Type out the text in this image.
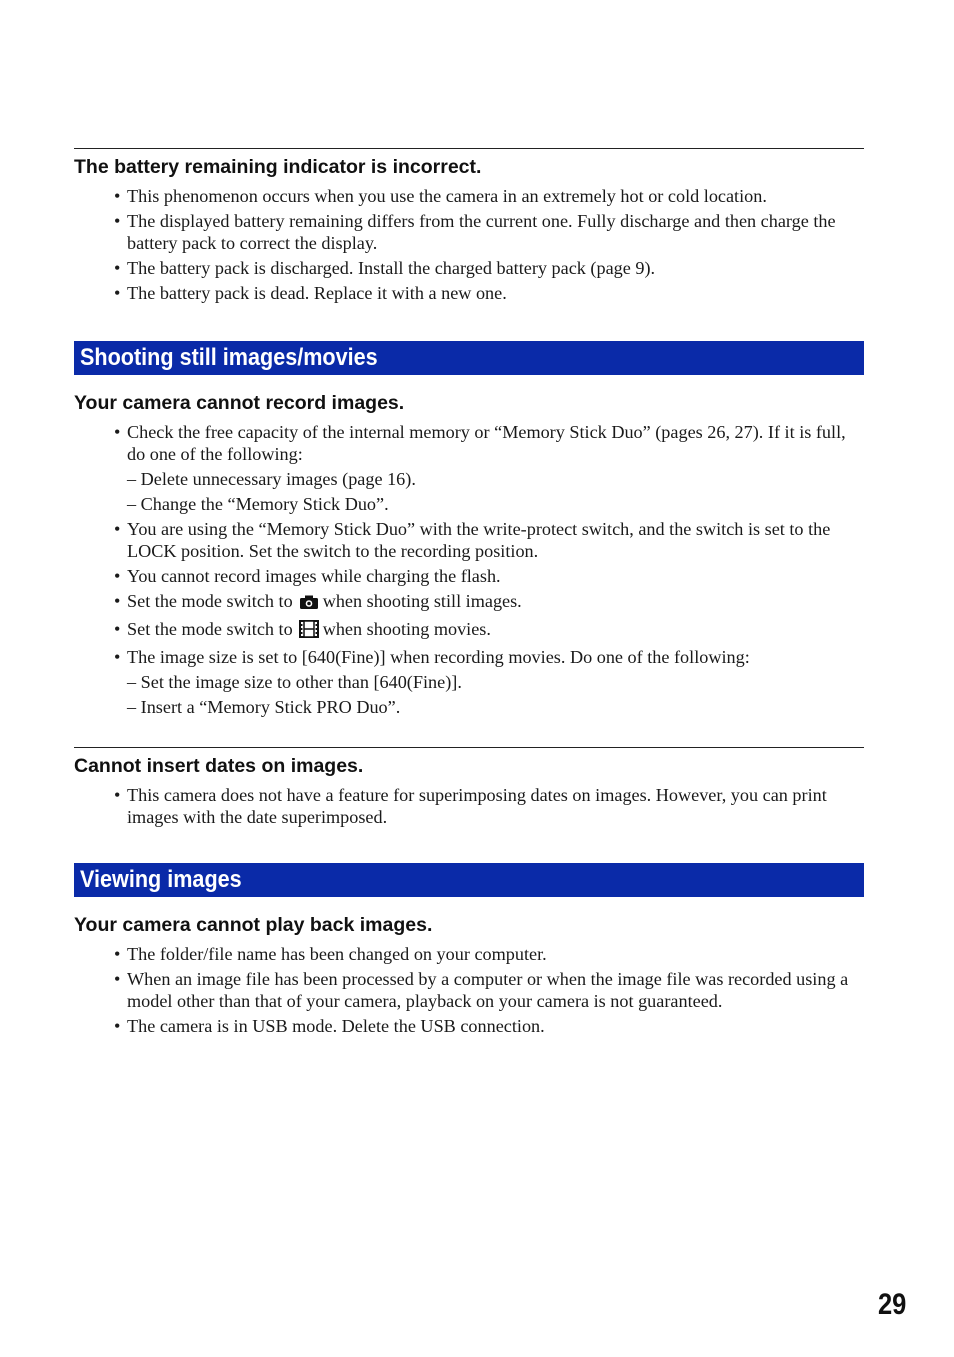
The battery remaining indicator is incorrect.
• This phenomenon occurs when you use the camera in an extremely hot or cold location.
• The displayed battery remaining differs from the current one. Fully discharge and then charge the battery pack to correct the display.
• The battery pack is discharged. Install the charged battery pack (page 9).
• The battery pack is dead. Replace it with a new one.
Shooting still images/movies
Your camera cannot record images.
• Check the free capacity of the internal memory or “Memory Stick Duo” (pages 26, 27). If it is full, do one of the following:
– Delete unnecessary images (page 16).
– Change the “Memory Stick Duo”.
• You are using the “Memory Stick Duo” with the write-protect switch, and the switch is set to the LOCK position. Set the switch to the recording position.
• You cannot record images while charging the flash.
• Set the mode switch to when shooting still images.
• Set the mode switch to when shooting movies.
• The image size is set to [640(Fine)] when recording movies. Do one of the following:
– Set the image size to other than [640(Fine)].
– Insert a “Memory Stick PRO Duo”.
Cannot insert dates on images.
• This camera does not have a feature for superimposing dates on images. However, you can print images with the date superimposed.
Viewing images
Your camera cannot play back images.
• The folder/file name has been changed on your computer.
• When an image file has been processed by a computer or when the image file was recorded using a model other than that of your camera, playback on your camera is not guaranteed.
• The camera is in USB mode. Delete the USB connection.
29
